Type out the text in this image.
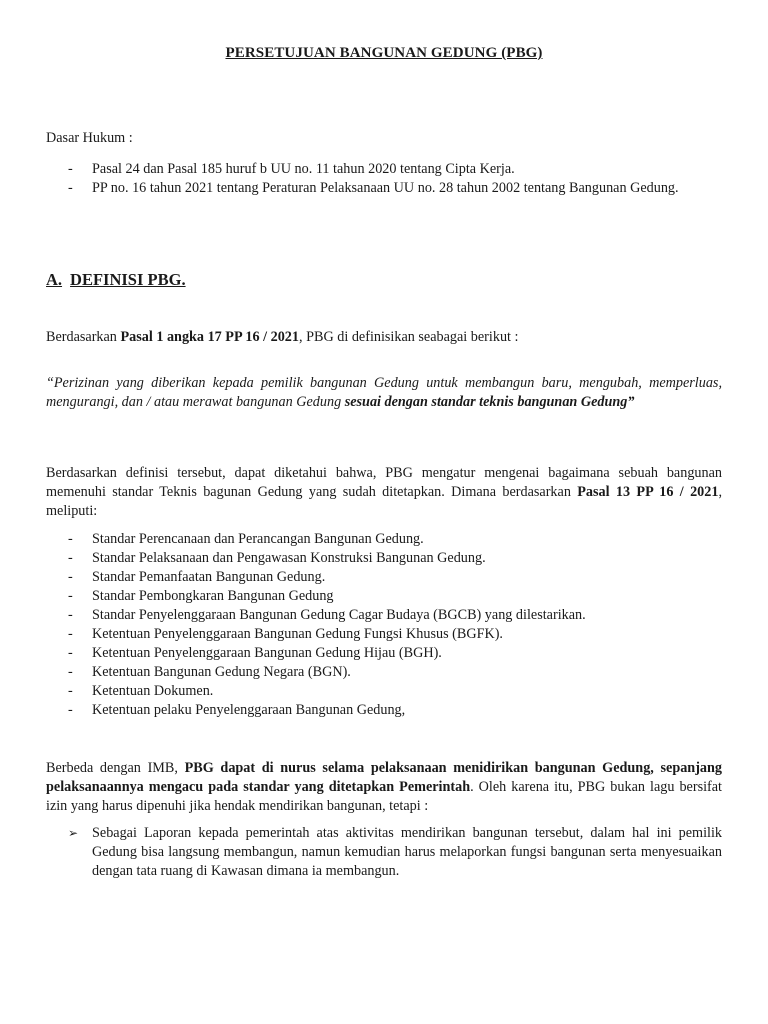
PERSETUJUAN BANGUNAN GEDUNG (PBG)
Dasar Hukum :
- Pasal 24 dan Pasal 185 huruf b UU no. 11 tahun 2020 tentang Cipta Kerja.
- PP no. 16 tahun 2021 tentang Peraturan Pelaksanaan UU no. 28 tahun 2002 tentang Bangunan Gedung.
A. DEFINISI PBG.
Berdasarkan Pasal 1 angka 17 PP 16 / 2021, PBG di definisikan seabagai berikut :
“Perizinan yang diberikan kepada pemilik bangunan Gedung untuk membangun baru, mengubah, memperluas, mengurangi, dan / atau merawat bangunan Gedung sesuai dengan standar teknis bangunan Gedung”
Berdasarkan definisi tersebut, dapat diketahui bahwa, PBG mengatur mengenai bagaimana sebuah bangunan memenuhi standar Teknis bagunan Gedung yang sudah ditetapkan. Dimana berdasarkan Pasal 13 PP 16 / 2021, meliputi:
- Standar Perencanaan dan Perancangan Bangunan Gedung.
- Standar Pelaksanaan dan Pengawasan Konstruksi Bangunan Gedung.
- Standar Pemanfaatan Bangunan Gedung.
- Standar Pembongkaran Bangunan Gedung
- Standar Penyelenggaraan Bangunan Gedung Cagar Budaya (BGCB) yang dilestarikan.
- Ketentuan Penyelenggaraan Bangunan Gedung Fungsi Khusus (BGFK).
- Ketentuan Penyelenggaraan Bangunan Gedung Hijau (BGH).
- Ketentuan Bangunan Gedung Negara (BGN).
- Ketentuan Dokumen.
- Ketentuan pelaku Penyelenggaraan Bangunan Gedung,
Berbeda dengan IMB, PBG dapat di nurus selama pelaksanaan menidirikan bangunan Gedung, sepanjang pelaksanaannya mengacu pada standar yang ditetapkan Pemerintah. Oleh karena itu, PBG bukan lagu bersifat izin yang harus dipenuhi jika hendak mendirikan bangunan, tetapi :
➢ Sebagai Laporan kepada pemerintah atas aktivitas mendirikan bangunan tersebut, dalam hal ini pemilik Gedung bisa langsung membangun, namun kemudian harus melaporkan fungsi bangunan serta menyesuaikan dengan tata ruang di Kawasan dimana ia membangun.
